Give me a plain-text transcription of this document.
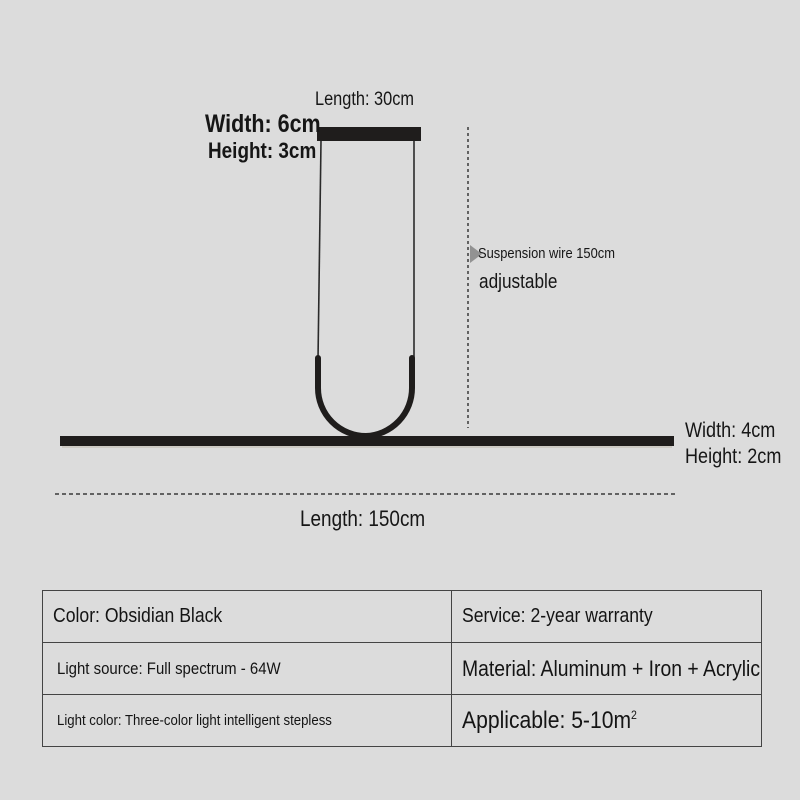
Length: 30cm
Width: 6cm
Height: 3cm
Suspension wire 150cm
adjustable
Width: 4cm
Height: 2cm
Length: 150cm
Color: Obsidian Black	Service: 2-year warranty
Light source: Full spectrum - 64W	Material: Aluminum + Iron + Acrylic
Light color: Three-color light intelligent stepless	Applicable: $5-10m^2$
